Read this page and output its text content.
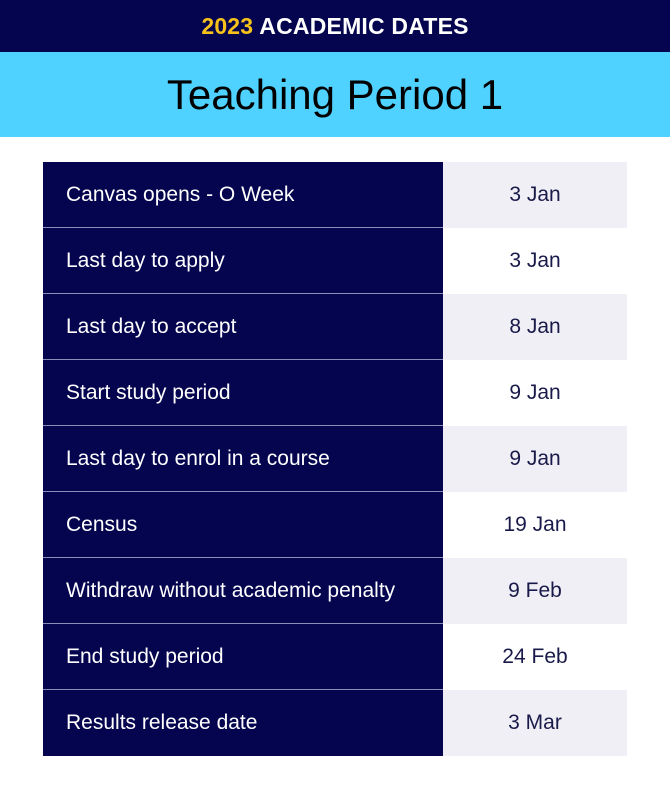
2023 ACADEMIC DATES
Teaching Period 1
Canvas opens - O Week	3 Jan
Last day to apply	3 Jan
Last day to accept	8 Jan
Start study period	9 Jan
Last day to enrol in a course	9 Jan
Census	19 Jan
Withdraw without academic penalty	9 Feb
End study period	24 Feb
Results release date	3 Mar
